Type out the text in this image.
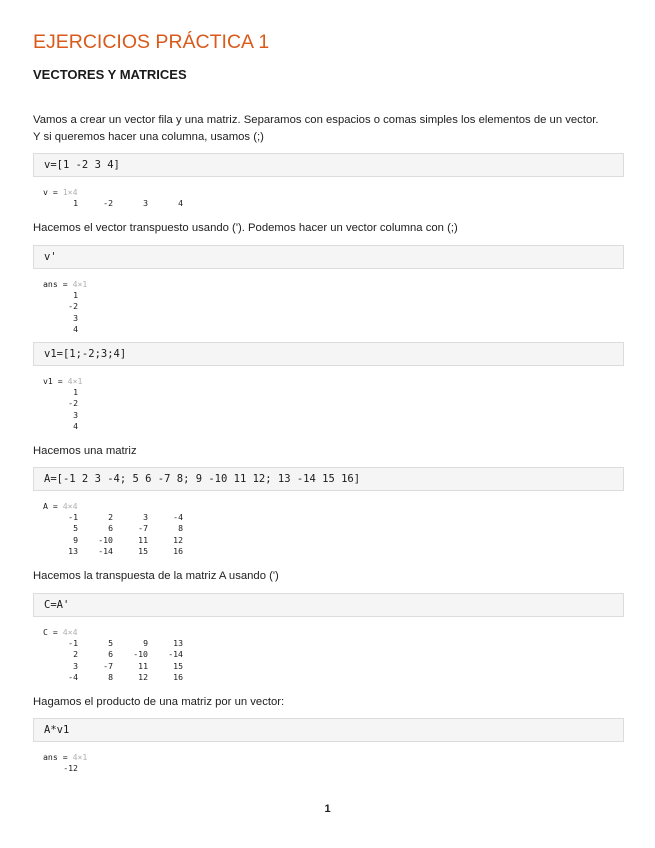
EJERCICIOS PRÁCTICA 1
VECTORES Y MATRICES
Vamos a crear un vector fila y una matriz. Separamos con espacios o comas simples los elementos de un vector. Y si queremos hacer una columna, usamos (;)
v=[1 -2 3 4]
v = 1×4
1	-2	3	4
Hacemos el vector transpuesto usando ('). Podemos hacer un vector columna con (;)
v'
ans = 4×1
1
-2
3
4
v1=[1;-2;3;4]
v1 = 4×1
1
-2
3
4
Hacemos una matriz
A=[-1 2 3 -4; 5 6 -7 8; 9 -10 11 12; 13 -14 15 16]
A = 4×4
-1	2	3	-4
5	6	-7	8
9	-10	11	12
13	-14	15	16
Hacemos la transpuesta de la matriz A usando (')
C=A'
C = 4×4
-1	5	9	13
2	6	-10	-14
3	-7	11	15
-4	8	12	16
Hagamos el producto de una matriz por un vector:
A*v1
ans = 4×1
-12
1
